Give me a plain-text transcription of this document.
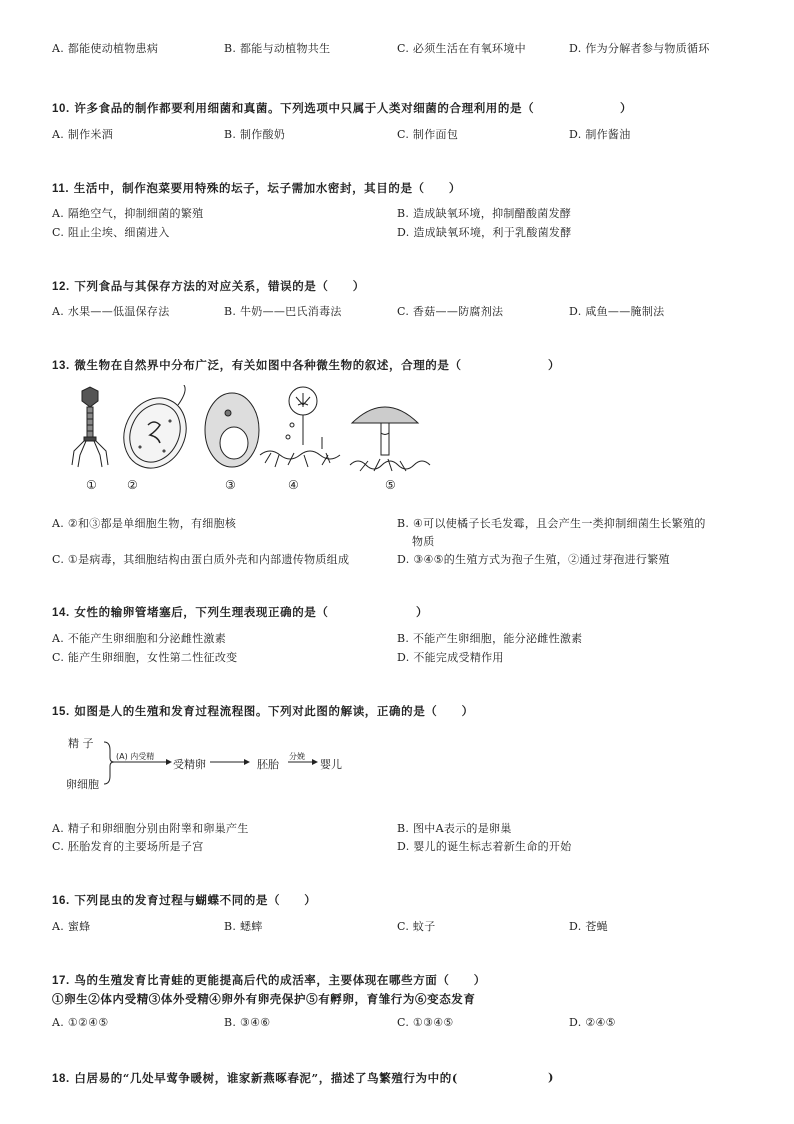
A. 都能使动植物患病	B. 都能与动植物共生	C. 必须生活在有氧环境中	D. 作为分解者参与物质循环
10. 许多食品的制作都要利用细菌和真菌。下列选项中只属于人类对细菌的合理利用的是（	）
A. 制作米酒	B. 制作酸奶	C. 制作面包	D. 制作酱油
11. 生活中，制作泡菜要用特殊的坛子，坛子需加水密封，其目的是（　　）
A. 隔绝空气，抑制细菌的繁殖	B. 造成缺氧环境，抑制醋酸菌发酵
C. 阻止尘埃、细菌进入	D. 造成缺氧环境，利于乳酸菌发酵
12. 下列食品与其保存方法的对应关系，错误的是（　　）
A. 水果——低温保存法	B. 牛奶——巴氏消毒法	C. 香菇——防腐剂法	D. 咸鱼——腌制法
13. 微生物在自然界中分布广泛，有关如图中各种微生物的叙述，合理的是（	）
①	②	③	④	⑤
A. ②和③都是单细胞生物，有细胞核	B. ④可以使橘子长毛发霉，且会产生一类抑制细菌生长繁殖的
物质
C. ①是病毒，其细胞结构由蛋白质外壳和内部遗传物质组成	D. ③④⑤的生殖方式为孢子生殖，②通过芽孢进行繁殖
14. 女性的输卵管堵塞后，下列生理表现正确的是（	）
A. 不能产生卵细胞和分泌雌性激素	B. 不能产生卵细胞，能分泌雌性激素
C. 能产生卵细胞，女性第二性征改变	D. 不能完成受精作用
15. 如图是人的生殖和发育过程流程图。下列对此图的解读，正确的是（　　）
精 子
卵细胞
(A) 内受精
受精卵	胚胎
分娩
婴儿
A. 精子和卵细胞分别由附睾和卵巢产生	B. 图中A表示的是卵巢
C. 胚胎发育的主要场所是子宫	D. 婴儿的诞生标志着新生命的开始
16. 下列昆虫的发育过程与蝴蝶不同的是（　　）
A. 蜜蜂	B. 蟋蟀	C. 蚊子	D. 苍蝇
17. 鸟的生殖发育比青蛙的更能提高后代的成活率，主要体现在哪些方面（　　）
①卵生②体内受精③体外受精④卵外有卵壳保护⑤有孵卵，育雏行为⑥变态发育
A. ①②④⑤	B. ③④⑥	C. ①③④⑤	D. ②④⑤
18. 白居易的“几处早莺争暖树，谁家新燕啄春泥”，描述了鸟繁殖行为中的(	)
